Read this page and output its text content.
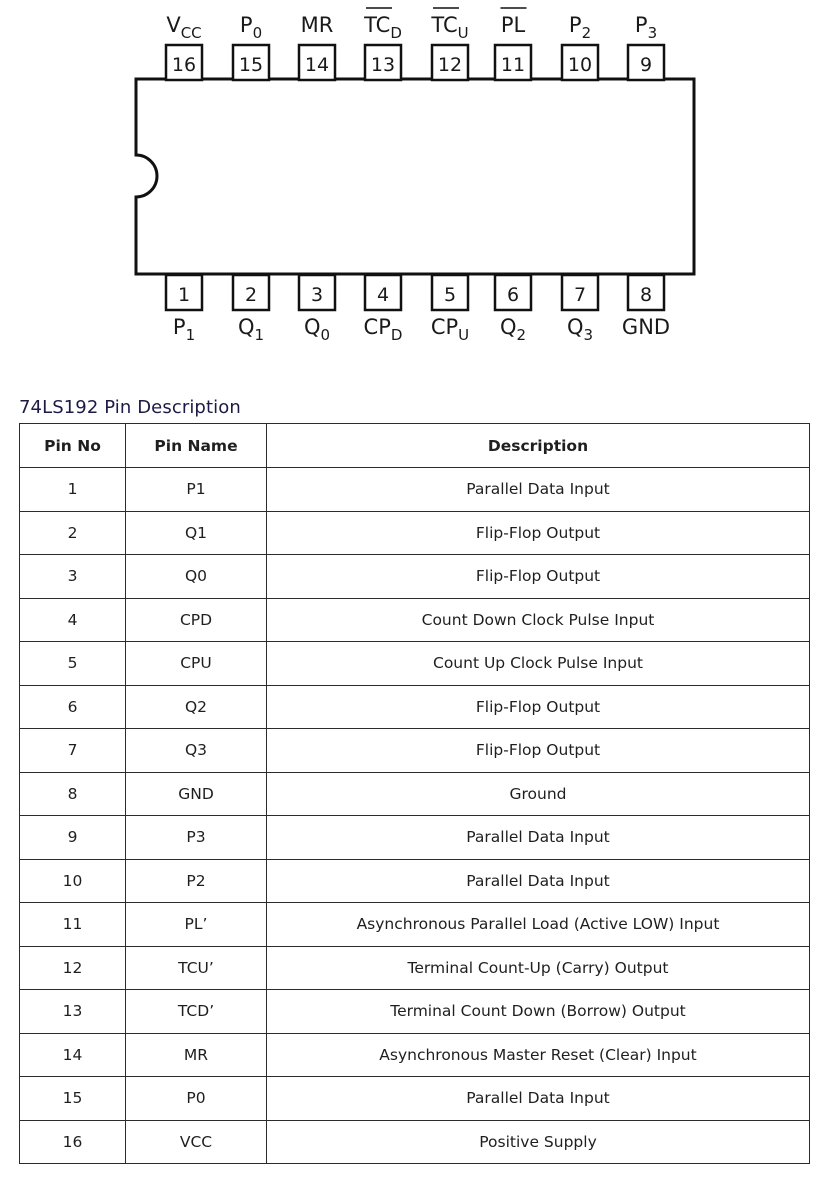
16
$V_{CC}$
15
$P_0$
14
MR
13
$TC_D$
12
$TC_U$
11
PL
10
$P_2$
9
$P_3$
1
$P_1$
2
$Q_1$
3
$Q_0$
4
$CP_D$
5
$CP_U$
6
$Q_2$
7
$Q_3$
8
GND
74LS192 Pin Description
Pin No	Pin Name	Description
1	P1	Parallel Data Input
2	Q1	Flip-Flop Output
3	Q0	Flip-Flop Output
4	CPD	Count Down Clock Pulse Input
5	CPU	Count Up Clock Pulse Input
6	Q2	Flip-Flop Output
7	Q3	Flip-Flop Output
8	GND	Ground
9	P3	Parallel Data Input
10	P2	Parallel Data Input
11	PL’	Asynchronous Parallel Load (Active LOW) Input
12	TCU’	Terminal Count-Up (Carry) Output
13	TCD’	Terminal Count Down (Borrow) Output
14	MR	Asynchronous Master Reset (Clear) Input
15	P0	Parallel Data Input
16	VCC	Positive Supply
